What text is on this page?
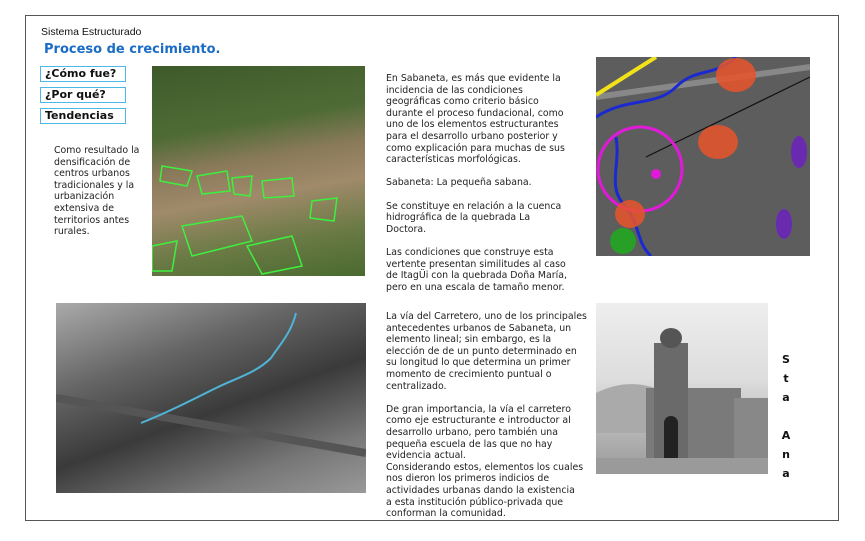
Sistema Estructurado
Proceso de crecimiento.
¿Cómo fue?
¿Por qué?
Tendencias
Como resultado la
densificación de
centros urbanos
tradicionales y la
urbanización
extensiva de
territorios antes
rurales.
En Sabaneta, es más que evidente la
incidencia de las condiciones
geográficas como criterio básico
durante el proceso fundacional, como
uno de los elementos estructurantes
para el desarrollo urbano posterior y
como explicación para muchas de sus
características morfológicas.
Sabaneta: La pequeña sabana.
Se constituye en relación a la cuenca
hidrográfica de la quebrada La
Doctora.
Las condiciones que construye esta
vertente presentan similitudes al caso
de ItagÜi con la quebrada Doña María,
pero en una escala de tamaño menor.
La vía del Carretero, uno de los principales
antecedentes urbanos de Sabaneta, un
elemento lineal; sin embargo, es la
elección de de un punto determinado en
su longitud lo que determina un primer
momento de crecimiento puntual o
centralizado.
De gran importancia, la vía el carretero
como eje estructurante e introductor al
desarrollo urbano, pero también una
pequeña escuela de las que no hay
evidencia actual.
Considerando estos, elementos los cuales
nos dieron los primeros indicios de
actividades urbanas dando la existencia
a esta institución público-privada que
conforman la comunidad.
S
t
a
A
n
a
